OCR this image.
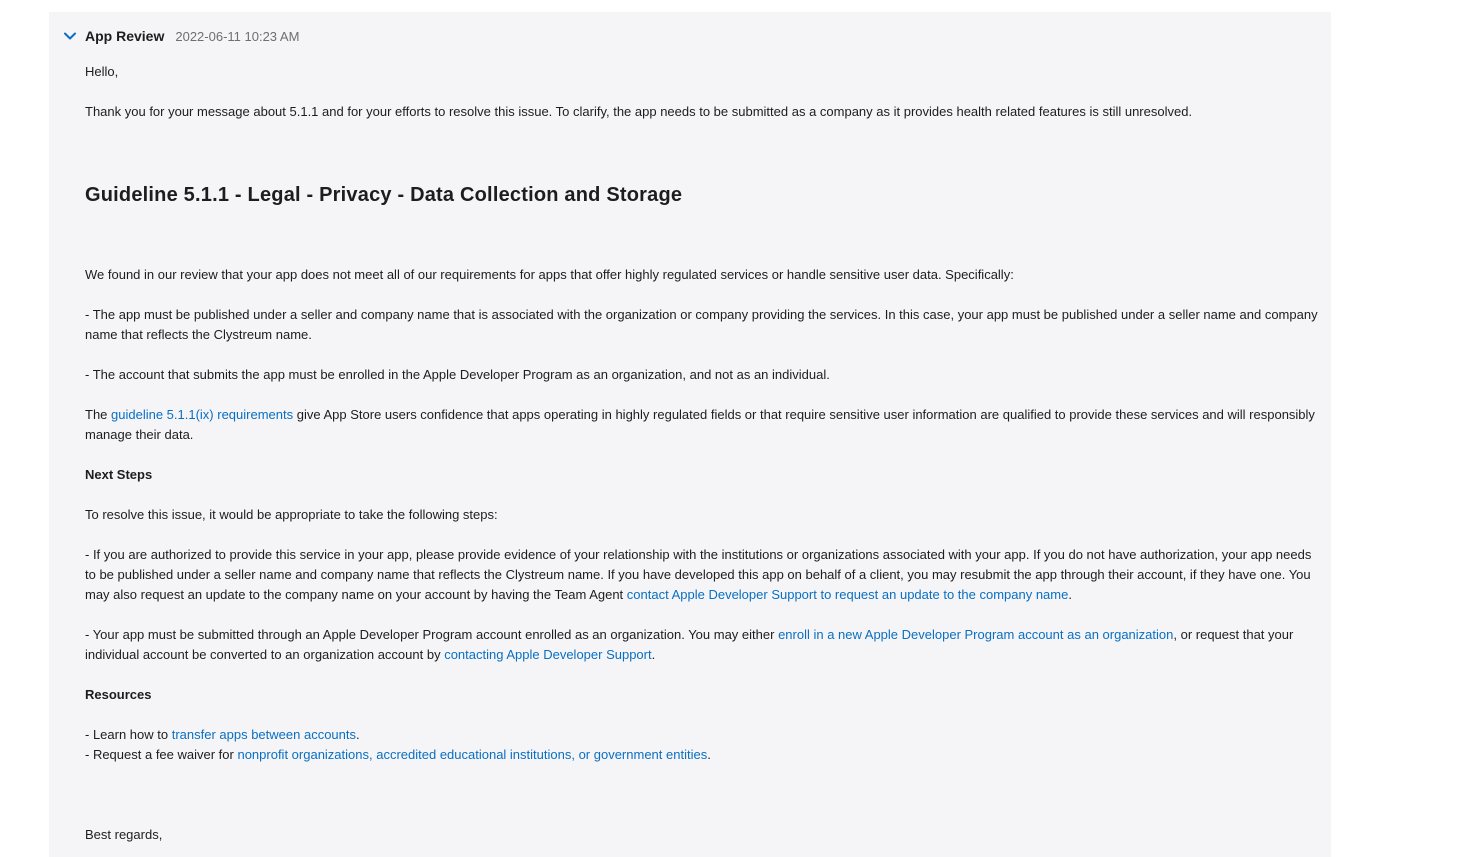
App Review 2022-06-11 10:23 AM

Hello,

Thank you for your message about 5.1.1 and for your efforts to resolve this issue. To clarify, the app needs to be submitted as a company as it provides health related features is still unresolved.

Guideline 5.1.1 - Legal - Privacy - Data Collection and Storage

We found in our review that your app does not meet all of our requirements for apps that offer highly regulated services or handle sensitive user data. Specifically:

- The app must be published under a seller and company name that is associated with the organization or company providing the services. In this case, your app must be published under a seller name and company name that reflects the Clystreum name.

- The account that submits the app must be enrolled in the Apple Developer Program as an organization, and not as an individual.

The guideline 5.1.1(ix) requirements give App Store users confidence that apps operating in highly regulated fields or that require sensitive user information are qualified to provide these services and will responsibly manage their data.

Next Steps

To resolve this issue, it would be appropriate to take the following steps:

- If you are authorized to provide this service in your app, please provide evidence of your relationship with the institutions or organizations associated with your app. If you do not have authorization, your app needs to be published under a seller name and company name that reflects the Clystreum name. If you have developed this app on behalf of a client, you may resubmit the app through their account, if they have one. You may also request an update to the company name on your account by having the Team Agent contact Apple Developer Support to request an update to the company name.

- Your app must be submitted through an Apple Developer Program account enrolled as an organization. You may either enroll in a new Apple Developer Program account as an organization, or request that your individual account be converted to an organization account by contacting Apple Developer Support.

Resources

- Learn how to transfer apps between accounts.

- Request a fee waiver for nonprofit organizations, accredited educational institutions, or government entities.

Best regards,
